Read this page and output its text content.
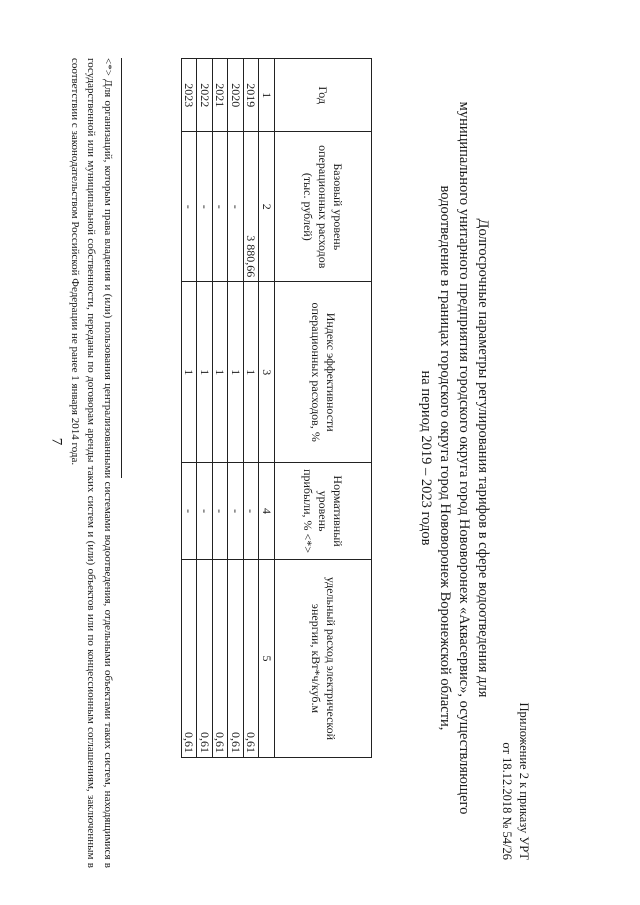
7
Приложение 2 к приказу УРТ
от 18.12.2018 № 54/26
Долгосрочные параметры регулирования тарифов в сфере водоотведения для
муниципального унитарного предприятия городского округа город Нововоронеж «Аквасервис», осуществляющего
водоотведение в границах городского округа город Нововоронеж Воронежской области,
на период 2019 – 2023 годов
Год	Базовый уровень операционных расходов (тыс. рублей)	Индекс эффективности операционных расходов, %	Нормативный уровень прибыли, % <*>	удельный расход электрической энергии, кВт*ч/куб.м
1	2	3	4	5
2019	3 880,66	1	-	0,61
2020	-	1	-	0,61
2021	-	1	-	0,61
2022	-	1	-	0,61
2023	-	1	-	0,61
<*> Для организаций, которым права владения и (или) пользования централизованными системами водоотведения, отдельными объектами таких систем, находящимися в государственной или муниципальной собственности, переданы по договорам аренды таких систем и (или) объектов или по концессионным соглашениям, заключенным в соответствии с законодательством Российской Федерации не ранее 1 января 2014 года.
